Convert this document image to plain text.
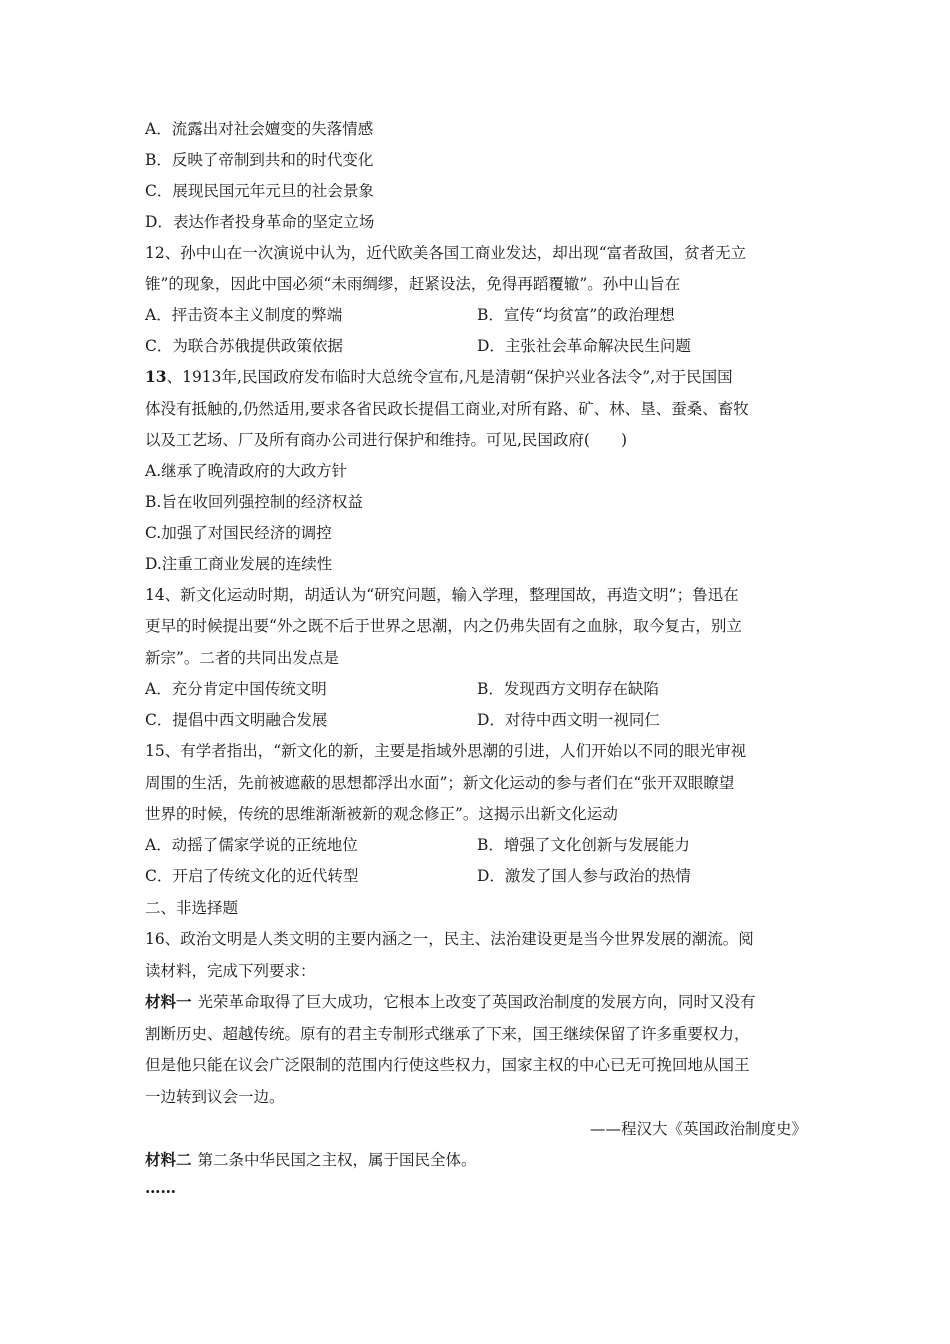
A．流露出对社会嬗变的失落情感
B．反映了帝制到共和的时代变化
C．展现民国元年元旦的社会景象
D．表达作者投身革命的坚定立场
12、孙中山在一次演说中认为，近代欧美各国工商业发达，却出现“富者敌国，贫者无立
锥”的现象，因此中国必须“未雨绸缪，赶紧设法，免得再蹈覆辙”。孙中山旨在
A．抨击资本主义制度的弊端	B．宣传“均贫富”的政治理想
C．为联合苏俄提供政策依据	D．主张社会革命解决民生问题
13、1913年,民国政府发布临时大总统令宣布,凡是清朝“保护兴业各法令”,对于民国国
体没有抵触的,仍然适用,要求各省民政长提倡工商业,对所有路、矿、林、垦、蚕桑、畜牧
以及工艺场、厂及所有商办公司进行保护和维持。可见,民国政府(　　)
A.继承了晚清政府的大政方针
B.旨在收回列强控制的经济权益
C.加强了对国民经济的调控
D.注重工商业发展的连续性
14、新文化运动时期，胡适认为“研究问题，输入学理，整理国故，再造文明”；鲁迅在
更早的时候提出要“外之既不后于世界之思潮，内之仍弗失固有之血脉，取今复古，别立
新宗”。二者的共同出发点是
A．充分肯定中国传统文明	B．发现西方文明存在缺陷
C．提倡中西文明融合发展	D．对待中西文明一视同仁
15、有学者指出，“新文化的新，主要是指域外思潮的引进，人们开始以不同的眼光审视
周围的生活，先前被遮蔽的思想都浮出水面”；新文化运动的参与者们在“张开双眼瞭望
世界的时候，传统的思维渐渐被新的观念修正”。这揭示出新文化运动
A．动摇了儒家学说的正统地位	B．增强了文化创新与发展能力
C．开启了传统文化的近代转型	D．激发了国人参与政治的热情
二、非选择题
16、政治文明是人类文明的主要内涵之一，民主、法治建设更是当今世界发展的潮流。阅
读材料，完成下列要求：
材料一 光荣革命取得了巨大成功，它根本上改变了英国政治制度的发展方向，同时又没有
割断历史、超越传统。原有的君主专制形式继承了下来，国王继续保留了许多重要权力，
但是他只能在议会广泛限制的范围内行使这些权力，国家主权的中心已无可挽回地从国王
一边转到议会一边。
——程汉大《英国政治制度史》
材料二 第二条中华民国之主权，属于国民全体。
……
